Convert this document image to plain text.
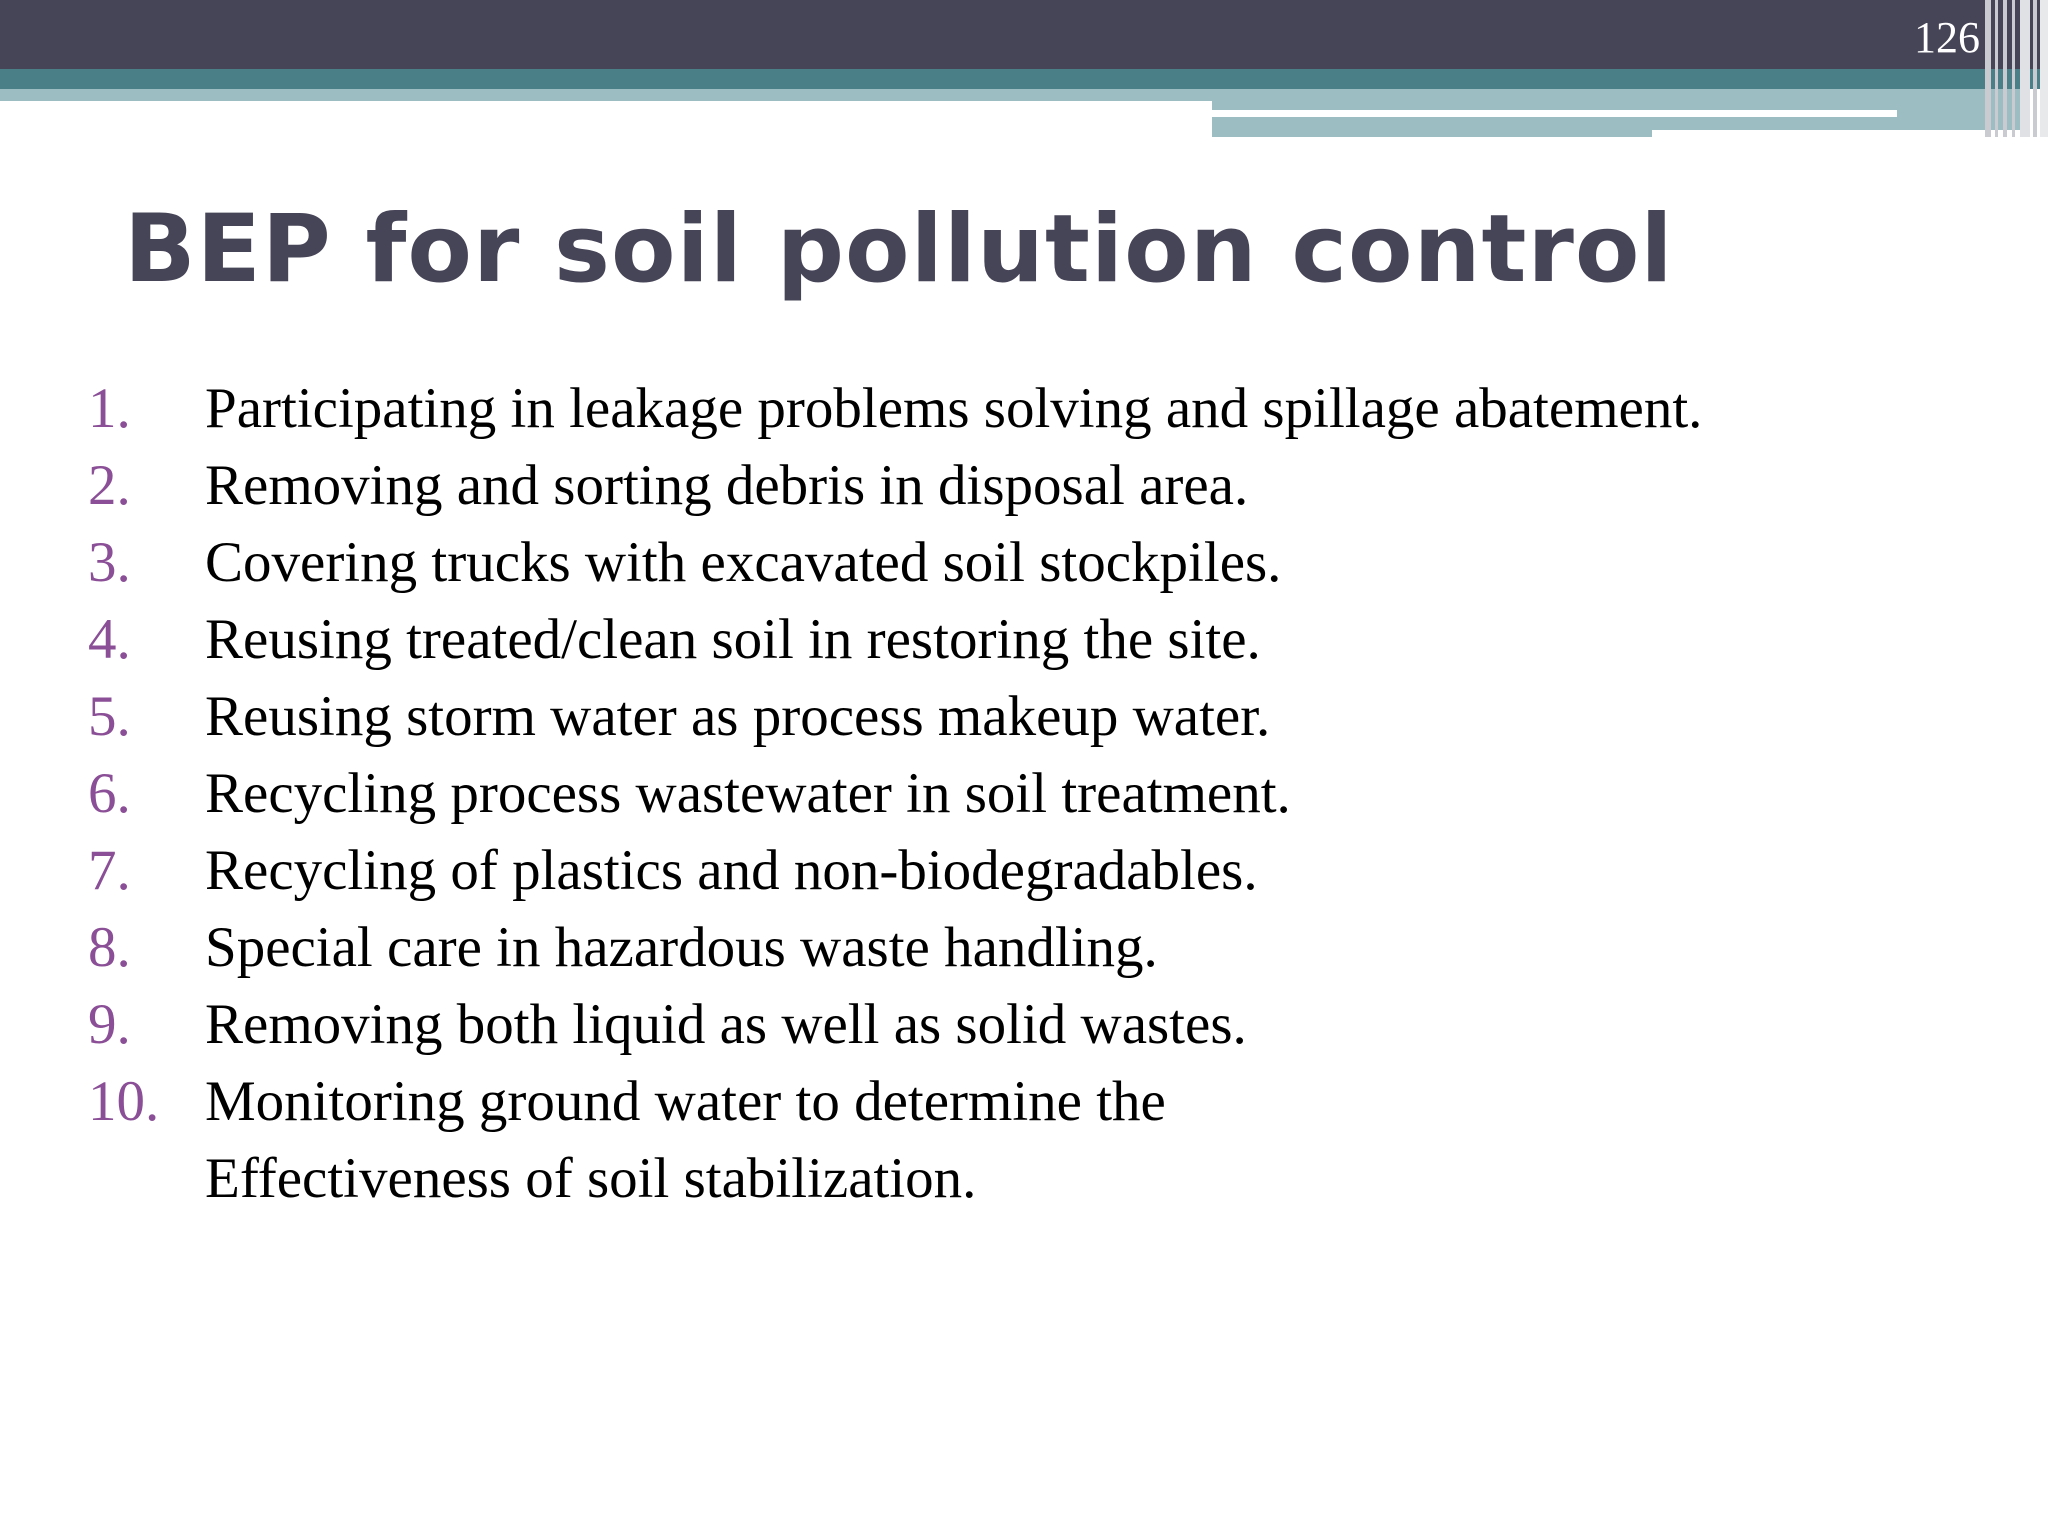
126
BEP for soil pollution control
1.	Participating in leakage problems solving and spillage abatement.
2.	Removing and sorting debris in disposal area.
3.	Covering trucks with excavated soil stockpiles.
4.	Reusing treated/clean soil in restoring the site.
5.	Reusing storm water as process makeup water.
6.	Recycling process wastewater in soil treatment.
7.	Recycling of plastics and non-biodegradables.
8.	Special care in hazardous waste handling.
9.	Removing both liquid as well as solid wastes.
10. Monitoring ground water to determine the
Effectiveness of soil stabilization.
